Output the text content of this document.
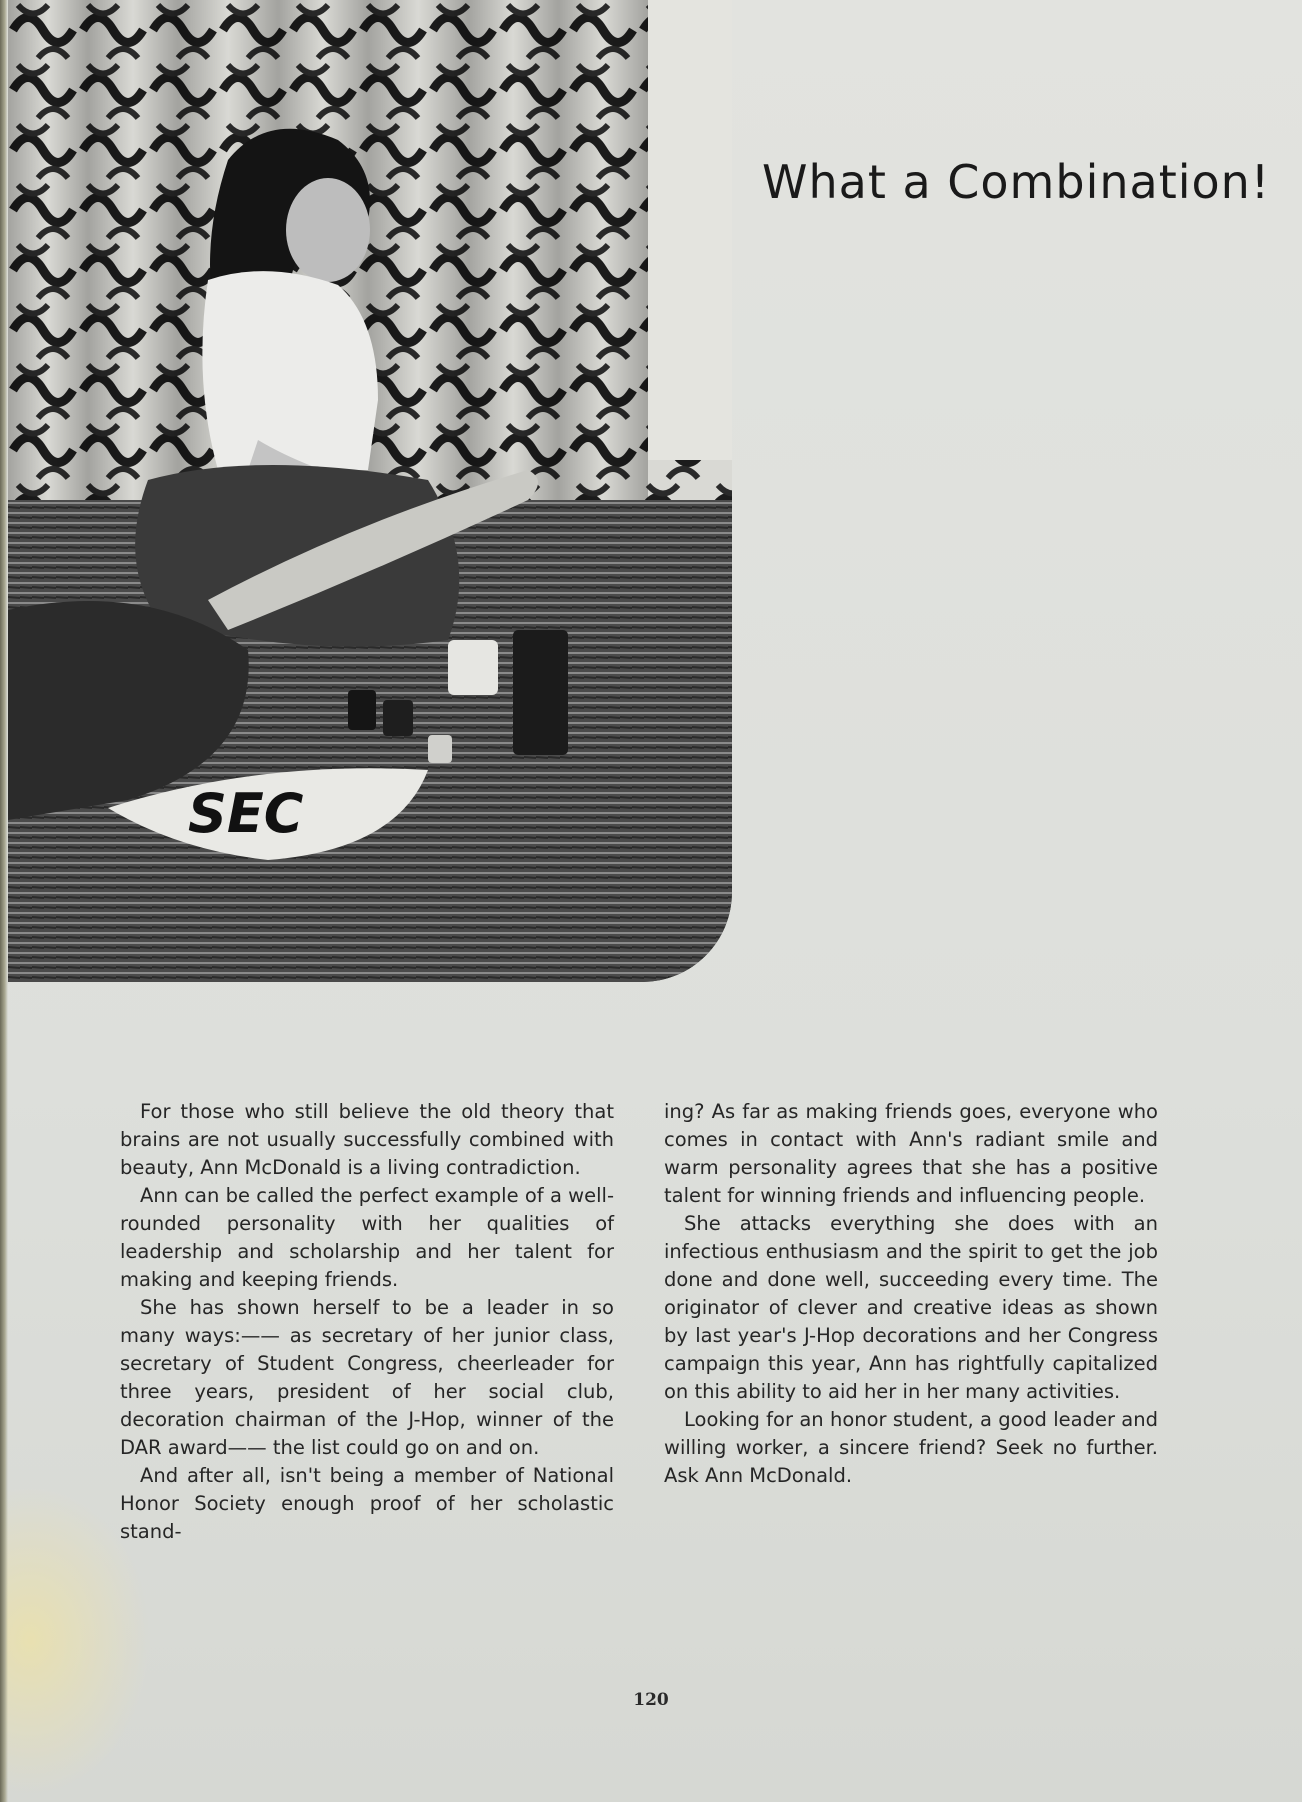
SEC
What a Combination!

For those who still believe the old theory that brains are not usually successfully combined with beauty, Ann McDonald is a living contradiction.

Ann can be called the perfect example of a well-rounded personality with her qualities of leadership and scholarship and her talent for making and keeping friends.

She has shown herself to be a leader in so many ways:—— as secretary of her junior class, secretary of Student Congress, cheerleader for three years, president of her social club, decoration chairman of the J-Hop, winner of the DAR award—— the list could go on and on.

And after all, isn't being a member of National Honor Society enough proof of her scholastic stand-

ing? As far as making friends goes, everyone who comes in contact with Ann's radiant smile and warm personality agrees that she has a positive talent for winning friends and influencing people.

She attacks everything she does with an infectious enthusiasm and the spirit to get the job done and done well, succeeding every time. The originator of clever and creative ideas as shown by last year's J-Hop decorations and her Congress campaign this year, Ann has rightfully capitalized on this ability to aid her in her many activities.

Looking for an honor student, a good leader and willing worker, a sincere friend? Seek no further. Ask Ann McDonald.

120
